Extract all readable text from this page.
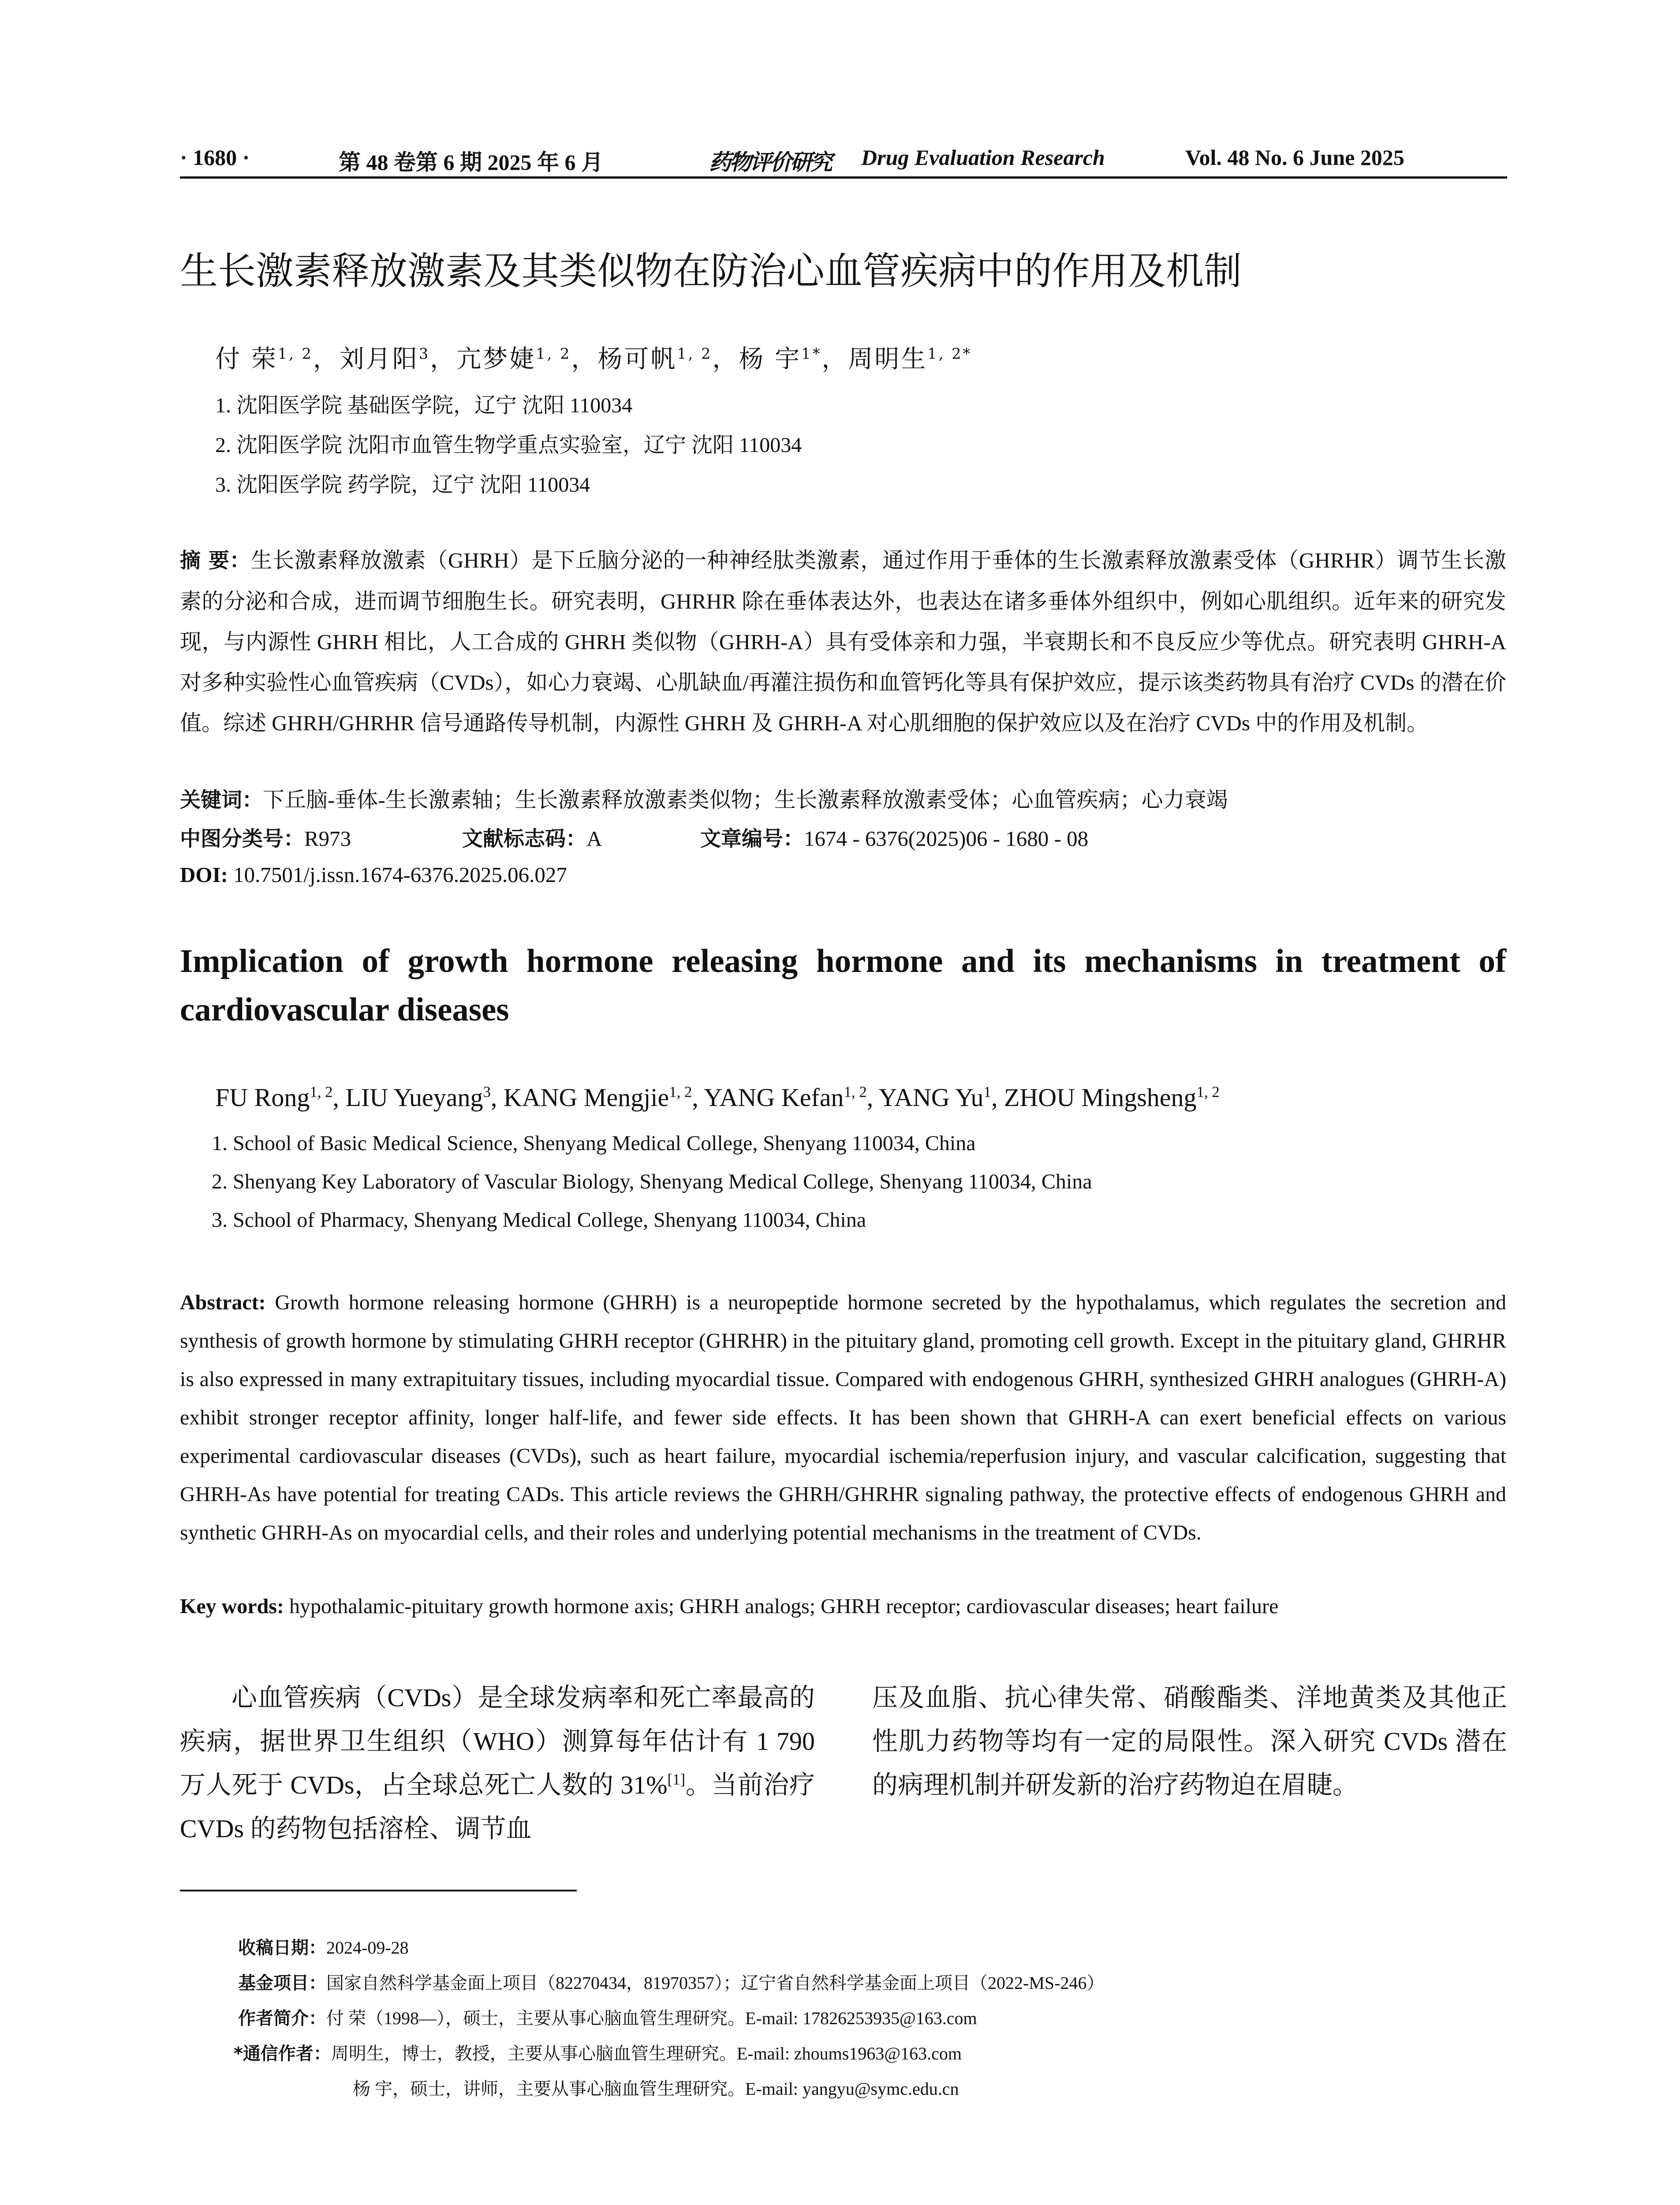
· 1680 ·	第 48 卷第 6 期 2025 年 6 月	药物评价研究 Drug Evaluation Research	Vol. 48 No. 6 June 2025
生长激素释放激素及其类似物在防治心血管疾病中的作用及机制
付 荣$^{1, 2}$，刘月阳$^3$，亢梦婕$^{1, 2}$，杨可帆$^{1, 2}$，杨 宇$^{1*}$，周明生$^{1, 2*}$
1. 沈阳医学院 基础医学院，辽宁 沈阳 110034
2. 沈阳医学院 沈阳市血管生物学重点实验室，辽宁 沈阳 110034
3. 沈阳医学院 药学院，辽宁 沈阳 110034
摘 要：生长激素释放激素（GHRH）是下丘脑分泌的一种神经肽类激素，通过作用于垂体的生长激素释放激素受体（GHRHR）调节生长激素的分泌和合成，进而调节细胞生长。研究表明，GHRHR 除在垂体表达外，也表达在诸多垂体外组织中，例如心肌组织。近年来的研究发现，与内源性 GHRH 相比，人工合成的 GHRH 类似物（GHRH-A）具有受体亲和力强，半衰期长和不良反应少等优点。研究表明 GHRH-A 对多种实验性心血管疾病（CVDs），如心力衰竭、心肌缺血/再灌注损伤和血管钙化等具有保护效应，提示该类药物具有治疗 CVDs 的潜在价值。综述 GHRH/GHRHR 信号通路传导机制，内源性 GHRH 及 GHRH-A 对心肌细胞的保护效应以及在治疗 CVDs 中的作用及机制。
关键词：下丘脑-垂体-生长激素轴；生长激素释放激素类似物；生长激素释放激素受体；心血管疾病；心力衰竭
中图分类号：R973	文献标志码：A	文章编号：1674 - 6376(2025)06 - 1680 - 08
DOI: 10.7501/j.issn.1674-6376.2025.06.027
Implication of growth hormone releasing hormone and its mechanisms in treatment of cardiovascular diseases
FU Rong$^{1, 2}$, LIU Yueyang$^3$, KANG Mengjie$^{1, 2}$, YANG Kefan$^{1, 2}$, YANG Yu$^1$, ZHOU Mingsheng$^{1, 2}$
1. School of Basic Medical Science, Shenyang Medical College, Shenyang 110034, China
2. Shenyang Key Laboratory of Vascular Biology, Shenyang Medical College, Shenyang 110034, China
3. School of Pharmacy, Shenyang Medical College, Shenyang 110034, China
Abstract: Growth hormone releasing hormone (GHRH) is a neuropeptide hormone secreted by the hypothalamus, which regulates the secretion and synthesis of growth hormone by stimulating GHRH receptor (GHRHR) in the pituitary gland, promoting cell growth. Except in the pituitary gland, GHRHR is also expressed in many extrapituitary tissues, including myocardial tissue. Compared with endogenous GHRH, synthesized GHRH analogues (GHRH-A) exhibit stronger receptor affinity, longer half-life, and fewer side effects. It has been shown that GHRH-A can exert beneficial effects on various experimental cardiovascular diseases (CVDs), such as heart failure, myocardial ischemia/reperfusion injury, and vascular calcification, suggesting that GHRH-As have potential for treating CADs. This article reviews the GHRH/GHRHR signaling pathway, the protective effects of endogenous GHRH and synthetic GHRH-As on myocardial cells, and their roles and underlying potential mechanisms in the treatment of CVDs.
Key words: hypothalamic-pituitary growth hormone axis; GHRH analogs; GHRH receptor; cardiovascular diseases; heart failure
  心血管疾病（CVDs）是全球发病率和死亡率最高的疾病，据世界卫生组织（WHO）测算每年估计有 1 790 万人死于 CVDs，占全球总死亡人数的 31%[1]。当前治疗 CVDs 的药物包括溶栓、调节血
压及血脂、抗心律失常、硝酸酯类、洋地黄类及其他正性肌力药物等均有一定的局限性。深入研究 CVDs 潜在的病理机制并研发新的治疗药物迫在眉睫。
收稿日期：2024-09-28
基金项目：国家自然科学基金面上项目（82270434，81970357）；辽宁省自然科学基金面上项目（2022-MS-246）
作者简介：付 荣（1998—），硕士，主要从事心脑血管生理研究。E-mail: 17826253935@163.com
*通信作者：周明生，博士，教授，主要从事心脑血管生理研究。E-mail: zhoums1963@163.com
杨 宇，硕士，讲师，主要从事心脑血管生理研究。E-mail: yangyu@symc.edu.cn
